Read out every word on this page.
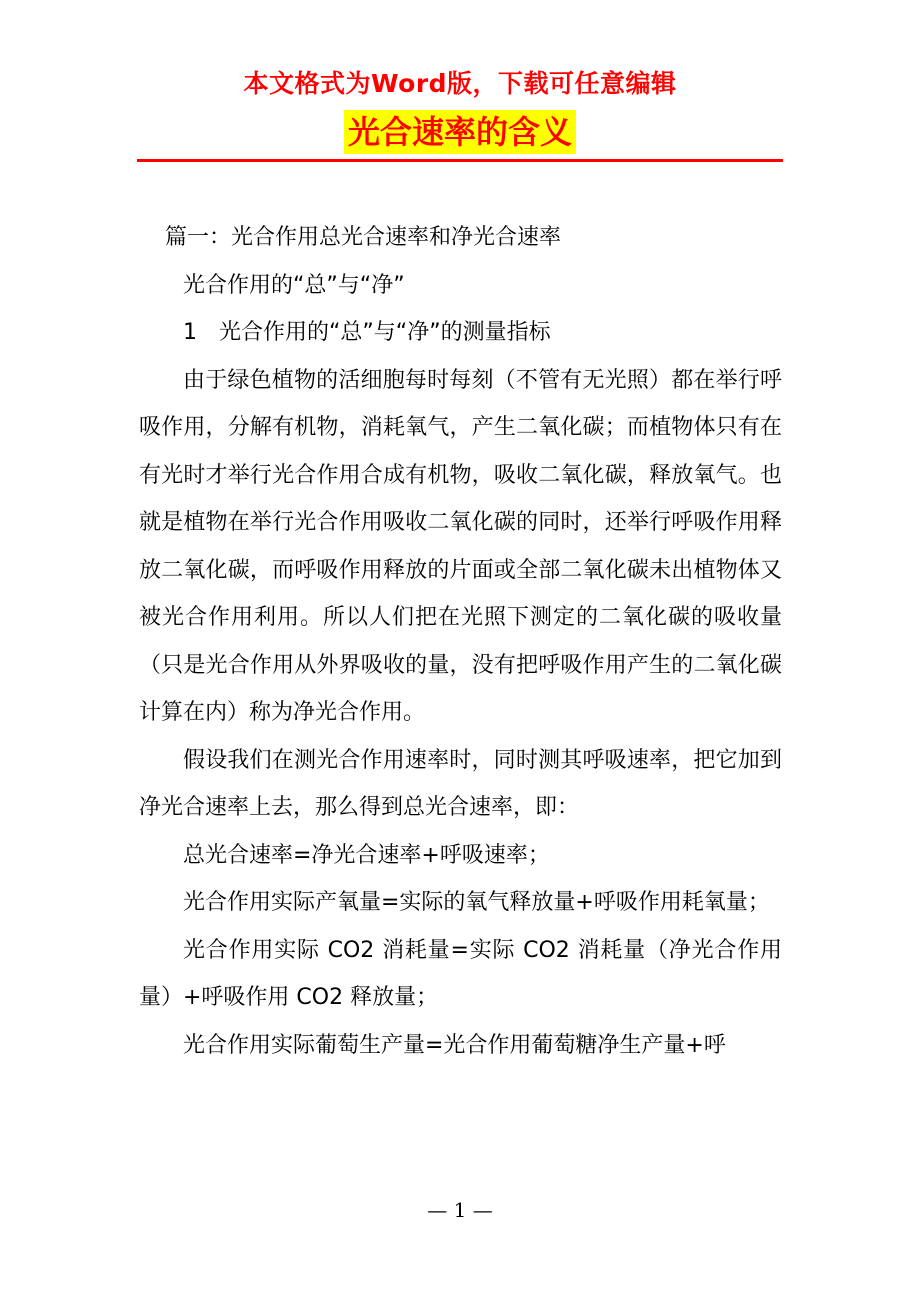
本文格式为Word版，下载可任意编辑
光合速率的含义

篇一：光合作用总光合速率和净光合速率

光合作用的“总”与“净”

1　光合作用的“总”与“净”的测量指标

由于绿色植物的活细胞每时每刻（不管有无光照）都在举行呼吸作用，分解有机物，消耗氧气，产生二氧化碳；而植物体只有在有光时才举行光合作用合成有机物，吸收二氧化碳，释放氧气。也就是植物在举行光合作用吸收二氧化碳的同时，还举行呼吸作用释放二氧化碳，而呼吸作用释放的片面或全部二氧化碳未出植物体又被光合作用利用。所以人们把在光照下测定的二氧化碳的吸收量（只是光合作用从外界吸收的量，没有把呼吸作用产生的二氧化碳计算在内）称为净光合作用。

假设我们在测光合作用速率时，同时测其呼吸速率，把它加到净光合速率上去，那么得到总光合速率，即：

总光合速率=净光合速率+呼吸速率；

光合作用实际产氧量=实际的氧气释放量+呼吸作用耗氧量；

光合作用实际 CO2 消耗量=实际 CO2 消耗量（净光合作用量）+呼吸作用 CO2 释放量；

光合作用实际葡萄生产量=光合作用葡萄糖净生产量+呼

— 1 —
